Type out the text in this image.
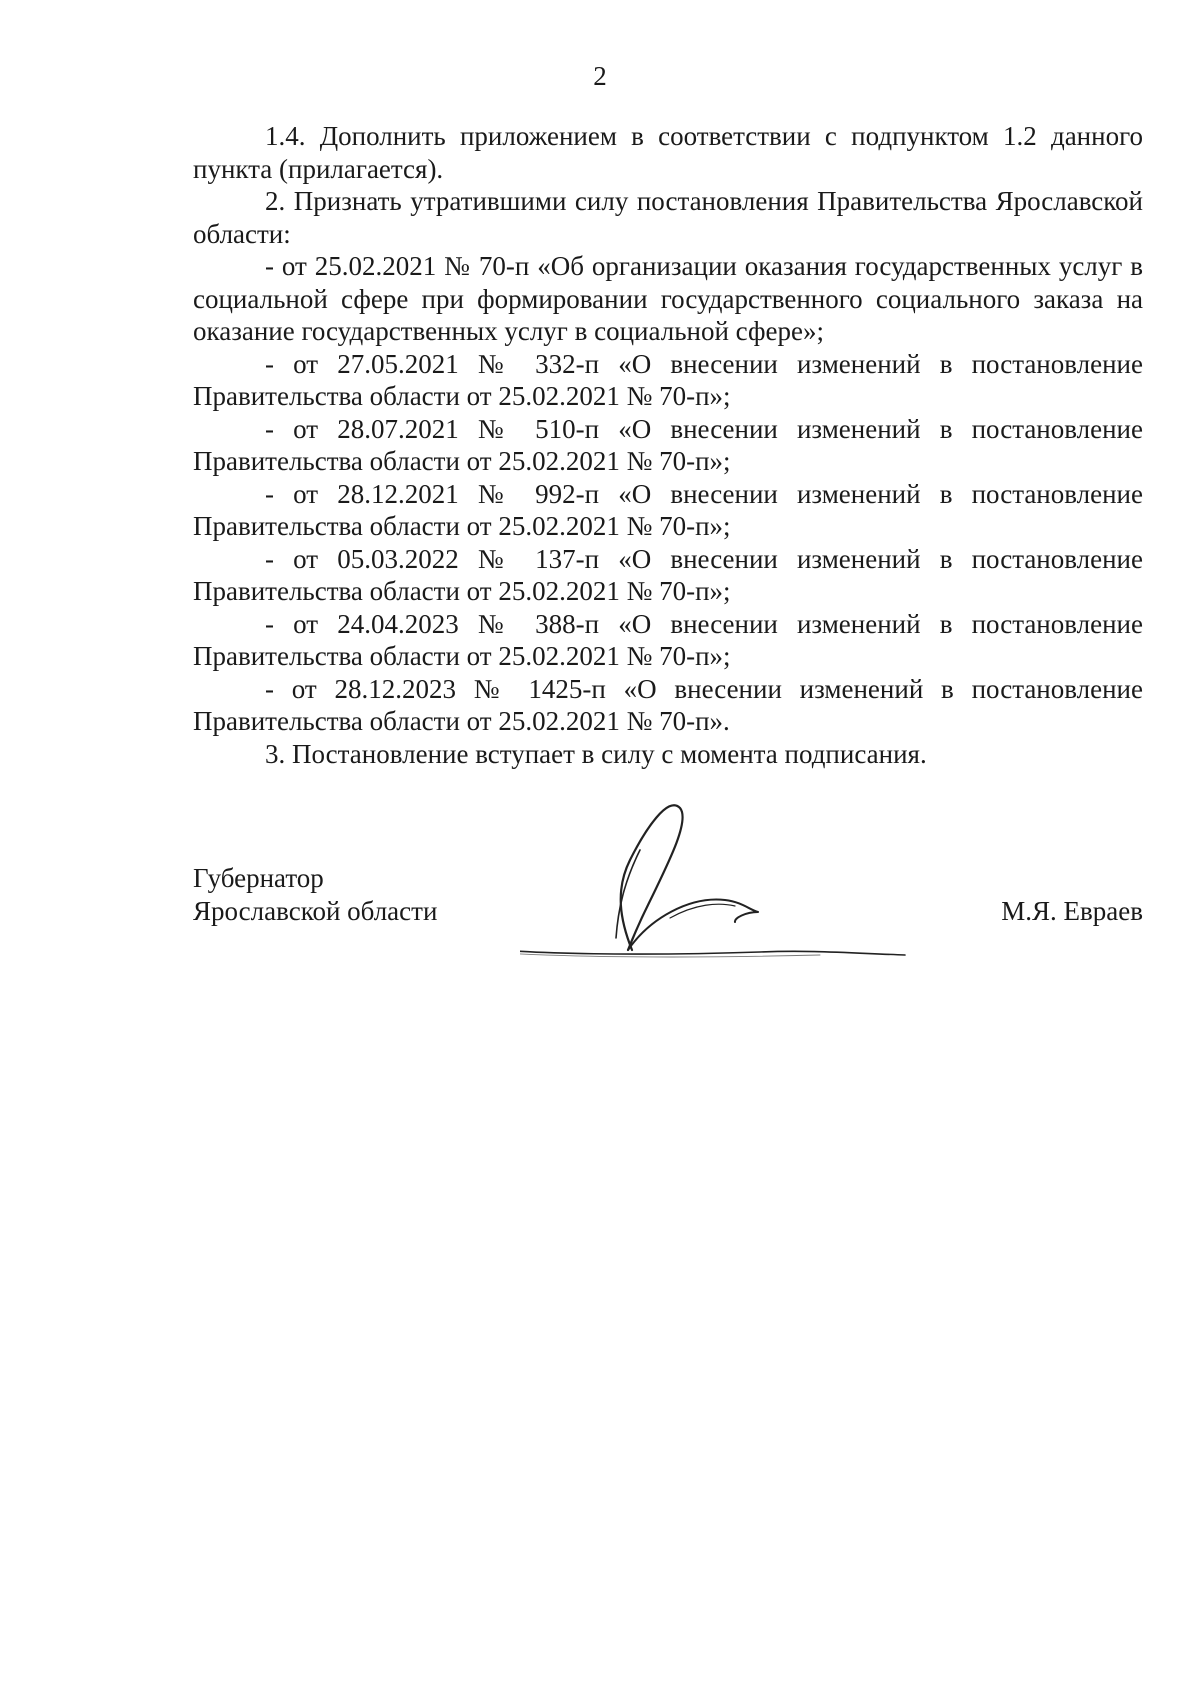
2

1.4. Дополнить приложением в соответствии с подпунктом 1.2 данного пункта (прилагается).

2. Признать утратившими силу постановления Правительства Ярославской области:

- от 25.02.2021 № 70-п «Об организации оказания государственных услуг в социальной сфере при формировании государственного социального заказа на оказание государственных услуг в социальной сфере»;

- от 27.05.2021 № 332-п «О внесении изменений в постановление Правительства области от 25.02.2021 № 70-п»;

- от 28.07.2021 № 510-п «О внесении изменений в постановление Правительства области от 25.02.2021 № 70-п»;

- от 28.12.2021 № 992-п «О внесении изменений в постановление Правительства области от 25.02.2021 № 70-п»;

- от 05.03.2022 № 137-п «О внесении изменений в постановление Правительства области от 25.02.2021 № 70-п»;

- от 24.04.2023 № 388-п «О внесении изменений в постановление Правительства области от 25.02.2021 № 70-п»;

- от 28.12.2023 № 1425-п «О внесении изменений в постановление Правительства области от 25.02.2021 № 70-п».

3. Постановление вступает в силу с момента подписания.

Губернатор
Ярославской области	М.Я. Евраев
